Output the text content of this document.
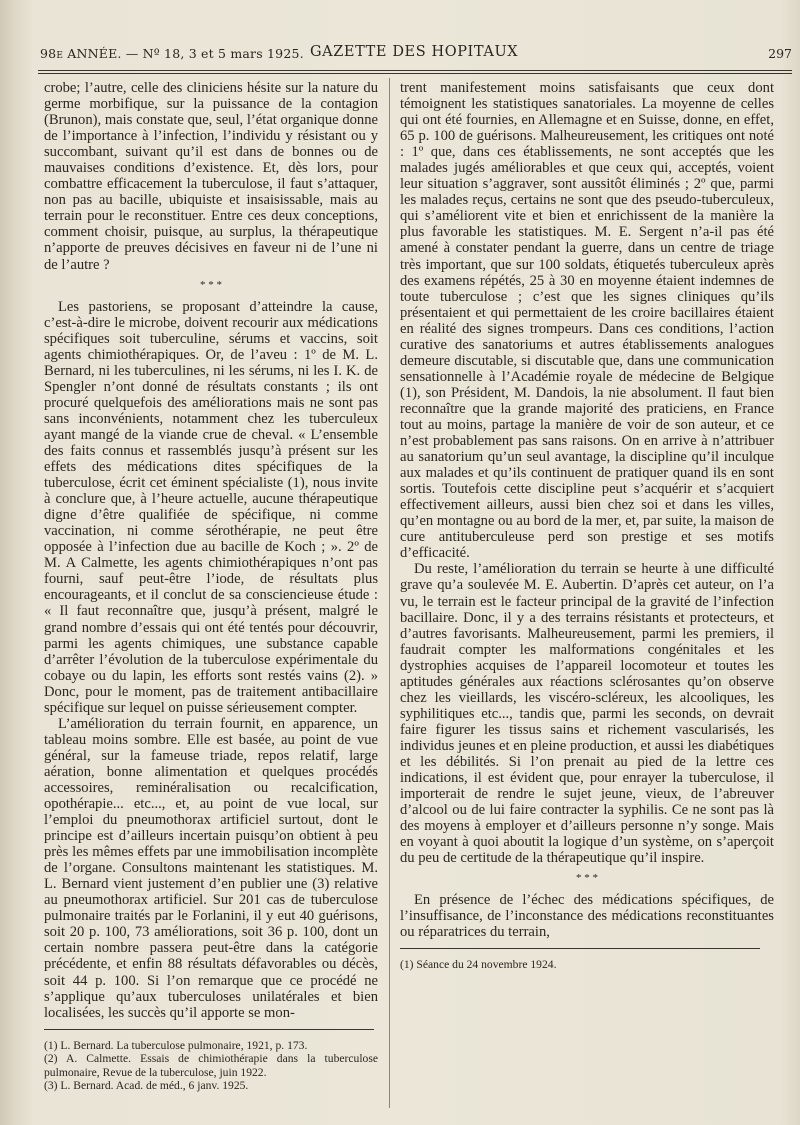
98e ANNÉE. — Nº 18, 3 et 5 mars 1925. GAZETTE DES HOPITAUX	297

crobe; l’autre, celle des cliniciens hésite sur la nature du germe morbifique, sur la puissance de la contagion (Brunon), mais constate que, seul, l’état organique donne de l’importance à l’infection, l’individu y résistant ou y succombant, suivant qu’il est dans de bonnes ou de mauvaises conditions d’existence. Et, dès lors, pour combattre efficacement la tuberculose, il faut s’attaquer, non pas au bacille, ubiquiste et insaisissable, mais au terrain pour le reconstituer. Entre ces deux conceptions, comment choisir, puisque, au surplus, la thérapeutique n’apporte de preuves décisives en faveur ni de l’une ni de l’autre ?

* * *

Les pastoriens, se proposant d’atteindre la cause, c’est-à-dire le microbe, doivent recourir aux médications spécifiques soit tuberculine, sérums et vaccins, soit agents chimiothérapiques. Or, de l’aveu : 1º de M. L. Bernard, ni les tuberculines, ni les sérums, ni les I. K. de Spengler n’ont donné de résultats constants ; ils ont procuré quelquefois des améliorations mais ne sont pas sans inconvénients, notamment chez les tuberculeux ayant mangé de la viande crue de cheval. « L’ensemble des faits connus et rassemblés jusqu’à présent sur les effets des médications dites spécifiques de la tuberculose, écrit cet éminent spécialiste (1), nous invite à conclure que, à l’heure actuelle, aucune thérapeutique digne d’être qualifiée de spécifique, ni comme vaccination, ni comme sérothérapie, ne peut être opposée à l’infection due au bacille de Koch ; ». 2º de M. A Calmette, les agents chimiothérapiques n’ont pas fourni, sauf peut-être l’iode, de résultats plus encourageants, et il conclut de sa consciencieuse étude : « Il faut reconnaître que, jusqu’à présent, malgré le grand nombre d’essais qui ont été tentés pour découvrir, parmi les agents chimiques, une substance capable d’arrêter l’évolution de la tuberculose expérimentale du cobaye ou du lapin, les efforts sont restés vains (2). » Donc, pour le moment, pas de traitement antibacillaire spécifique sur lequel on puisse sérieusement compter.

L’amélioration du terrain fournit, en apparence, un tableau moins sombre. Elle est basée, au point de vue général, sur la fameuse triade, repos relatif, large aération, bonne alimentation et quelques procédés accessoires, reminéralisation ou recalcification, opothérapie... etc..., et, au point de vue local, sur l’emploi du pneumothorax artificiel surtout, dont le principe est d’ailleurs incertain puisqu’on obtient à peu près les mêmes effets par une immobilisation incomplète de l’organe. Consultons maintenant les statistiques. M. L. Bernard vient justement d’en publier une (3) relative au pneumothorax artificiel. Sur 201 cas de tuberculose pulmonaire traités par le Forlanini, il y eut 40 guérisons, soit 20 p. 100, 73 améliorations, soit 36 p. 100, dont un certain nombre passera peut-être dans la catégorie précédente, et enfin 88 résultats défavorables ou décès, soit 44 p. 100. Si l’on remarque que ce procédé ne s’applique qu’aux tuberculoses unilatérales et bien localisées, les succès qu’il apporte se mon-

(1) L. Bernard. La tuberculose pulmonaire, 1921, p. 173.

(2) A. Calmette. Essais de chimiothérapie dans la tuberculose pulmonaire, Revue de la tuberculose, juin 1922.

(3) L. Bernard. Acad. de méd., 6 janv. 1925.

trent manifestement moins satisfaisants que ceux dont témoignent les statistiques sanatoriales. La moyenne de celles qui ont été fournies, en Allemagne et en Suisse, donne, en effet, 65 p. 100 de guérisons. Malheureusement, les critiques ont noté : 1º que, dans ces établissements, ne sont acceptés que les malades jugés améliorables et que ceux qui, acceptés, voient leur situation s’aggraver, sont aussitôt éliminés ; 2º que, parmi les malades reçus, certains ne sont que des pseudo-tuberculeux, qui s’améliorent vite et bien et enrichissent de la manière la plus favorable les statistiques. M. E. Sergent n’a-il pas été amené à constater pendant la guerre, dans un centre de triage très important, que sur 100 soldats, étiquetés tuberculeux après des examens répétés, 25 à 30 en moyenne étaient indemnes de toute tuberculose ; c’est que les signes cliniques qu’ils présentaient et qui permettaient de les croire bacillaires étaient en réalité des signes trompeurs. Dans ces conditions, l’action curative des sanatoriums et autres établissements analogues demeure discutable, si discutable que, dans une communication sensationnelle à l’Académie royale de médecine de Belgique (1), son Président, M. Dandois, la nie absolument. Il faut bien reconnaître que la grande majorité des praticiens, en France tout au moins, partage la manière de voir de son auteur, et ce n’est probablement pas sans raisons. On en arrive à n’attribuer au sanatorium qu’un seul avantage, la discipline qu’il inculque aux malades et qu’ils continuent de pratiquer quand ils en sont sortis. Toutefois cette discipline peut s’acquérir et s’acquiert effectivement ailleurs, aussi bien chez soi et dans les villes, qu’en montagne ou au bord de la mer, et, par suite, la maison de cure antituberculeuse perd son prestige et ses motifs d’efficacité.

Du reste, l’amélioration du terrain se heurte à une difficulté grave qu’a soulevée M. E. Aubertin. D’après cet auteur, on l’a vu, le terrain est le facteur principal de la gravité de l’infection bacillaire. Donc, il y a des terrains résistants et protecteurs, et d’autres favorisants. Malheureusement, parmi les premiers, il faudrait compter les malformations congénitales et les dystrophies acquises de l’appareil locomoteur et toutes les aptitudes générales aux réactions sclérosantes qu’on observe chez les vieillards, les viscéro-scléreux, les alcooliques, les syphilitiques etc..., tandis que, parmi les seconds, on devrait faire figurer les tissus sains et richement vascularisés, les individus jeunes et en pleine production, et aussi les diabétiques et les débilités. Si l’on prenait au pied de la lettre ces indications, il est évident que, pour enrayer la tuberculose, il importerait de rendre le sujet jeune, vieux, de l’abreuver d’alcool ou de lui faire contracter la syphilis. Ce ne sont pas là des moyens à employer et d’ailleurs personne n’y songe. Mais en voyant à quoi aboutit la logique d’un système, on s’aperçoit du peu de certitude de la thérapeutique qu’il inspire.

* * *

En présence de l’échec des médications spécifiques, de l’insuffisance, de l’inconstance des médications reconstituantes ou réparatrices du terrain,

(1) Séance du 24 novembre 1924.
